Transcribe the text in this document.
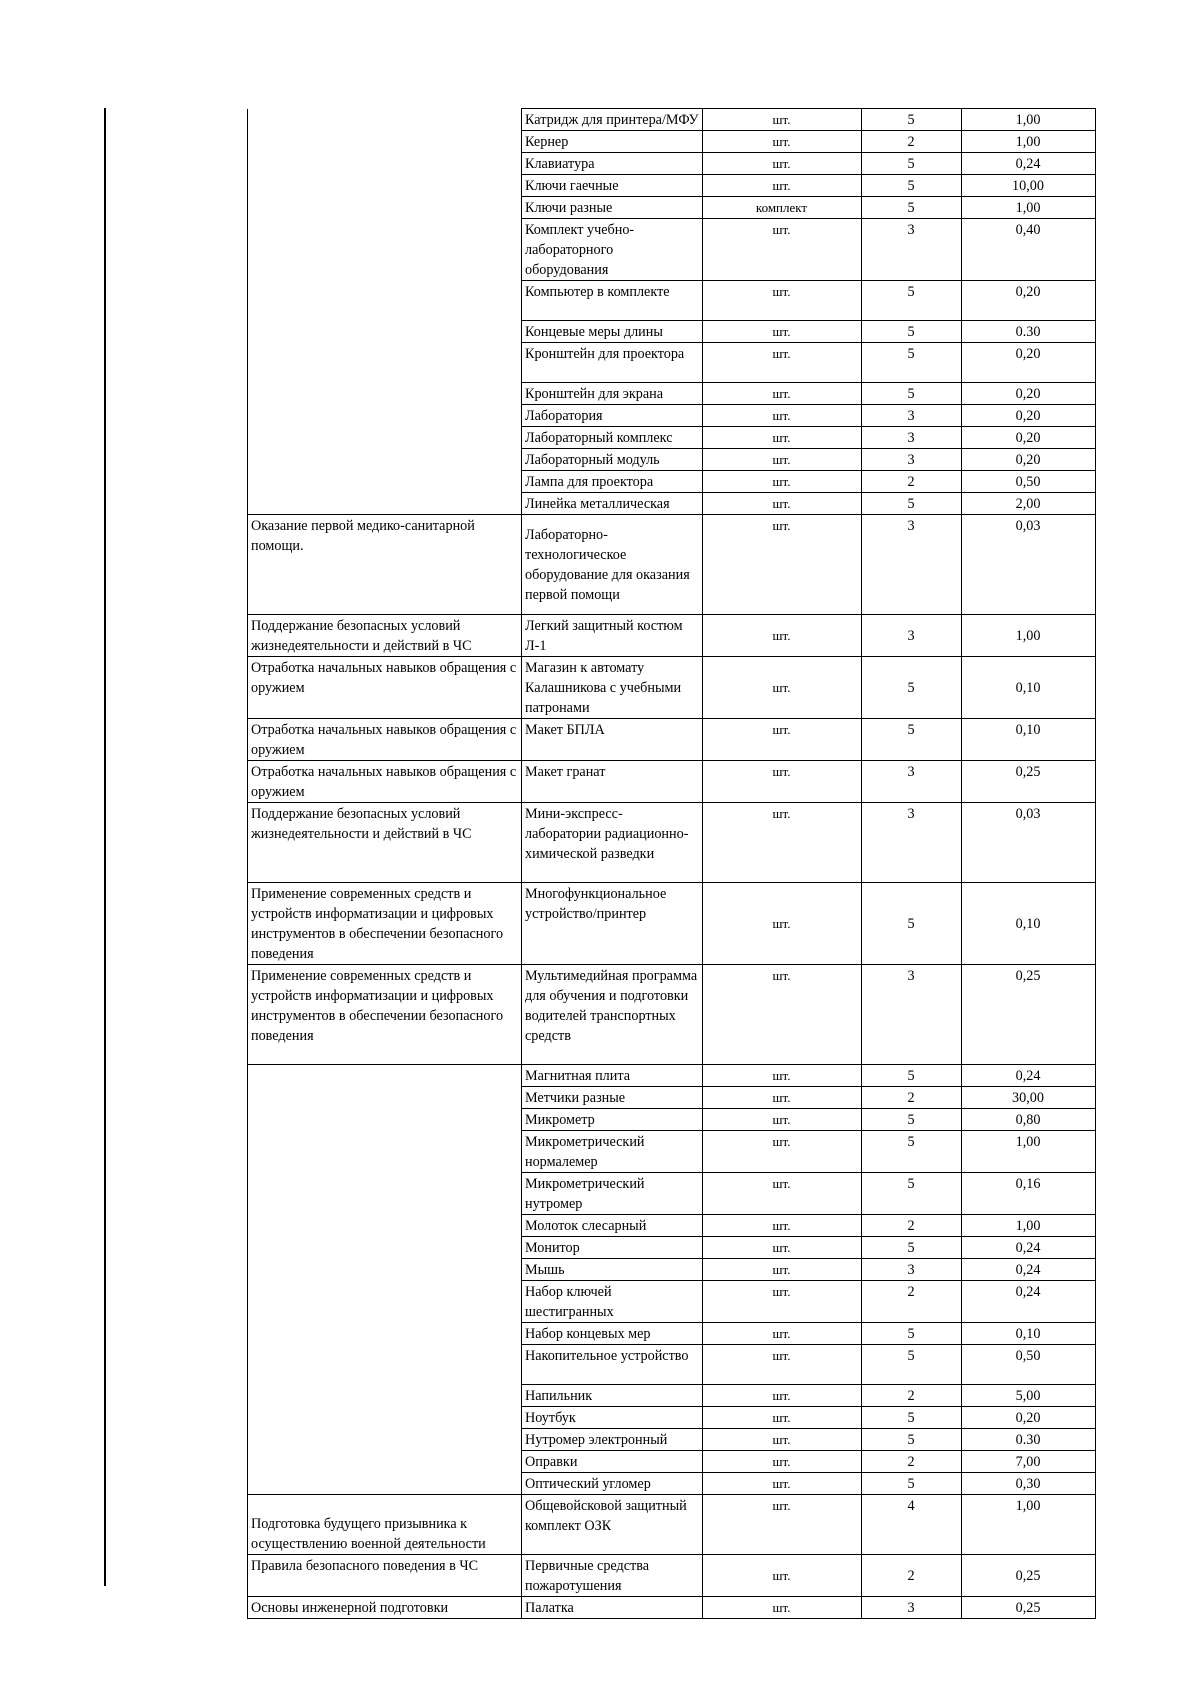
	Катридж для принтера/МФУ	шт.	5	1,00
	Кернер	шт.	2	1,00
	Клавиатура	шт.	5	0,24
	Ключи гаечные	шт.	5	10,00
	Ключи разные	комплект	5	1,00
	Комплект учебно-лабораторного оборудования	шт.	3	0,40
	Компьютер в комплекте	шт.	5	0,20
	Концевые меры длины	шт.	5	0.30
	Кронштейн для проектора	шт.	5	0,20
	Кронштейн для экрана	шт.	5	0,20
	Лаборатория	шт.	3	0,20
	Лабораторный комплекс	шт.	3	0,20
	Лабораторный модуль	шт.	3	0,20
	Лампа для проектора	шт.	2	0,50
	Линейка металлическая	шт.	5	2,00
Оказание первой медико-санитарной помощи.	Лабораторно-технологическое оборудование для оказания первой помощи	шт.	3	0,03
Поддержание безопасных условий жизнедеятельности и действий в ЧС	Легкий защитный костюм Л-1	шт.	3	1,00
Отработка начальных навыков обращения с оружием	Магазин к автомату Калашникова с учебными патронами	шт.	5	0,10
Отработка начальных навыков обращения с оружием	Макет БПЛА	шт.	5	0,10
Отработка начальных навыков обращения с оружием	Макет гранат	шт.	3	0,25
Поддержание безопасных условий жизнедеятельности и действий в ЧС	Мини-экспресс-лаборатории радиационно-химической разведки	шт.	3	0,03
Применение современных средств и устройств информатизации и цифровых инструментов в обеспечении безопасного поведения	Многофункциональное устройство/принтер	шт.	5	0,10
Применение современных средств и устройств информатизации и цифровых инструментов в обеспечении безопасного поведения	Мультимедийная программа для обучения и подготовки водителей транспортных средств	шт.	3	0,25
	Магнитная плита	шт.	5	0,24
	Метчики разные	шт.	2	30,00
	Микрометр	шт.	5	0,80
	Микрометрический нормалемер	шт.	5	1,00
	Микрометрический нутромер	шт.	5	0,16
	Молоток слесарный	шт.	2	1,00
	Монитор	шт.	5	0,24
	Мышь	шт.	3	0,24
	Набор ключей шестигранных	шт.	2	0,24
	Набор концевых мер	шт.	5	0,10
	Накопительное устройство	шт.	5	0,50
	Напильник	шт.	2	5,00
	Ноутбук	шт.	5	0,20
	Нутромер электронный	шт.	5	0.30
	Оправки	шт.	2	7,00
	Оптический угломер	шт.	5	0,30
Подготовка будущего призывника к осуществлению военной деятельности	Общевойсковой защитный комплект ОЗК	шт.	4	1,00
Правила безопасного поведения в ЧС	Первичные средства пожаротушения	шт.	2	0,25
Основы инженерной подготовки	Палатка	шт.	3	0,25
